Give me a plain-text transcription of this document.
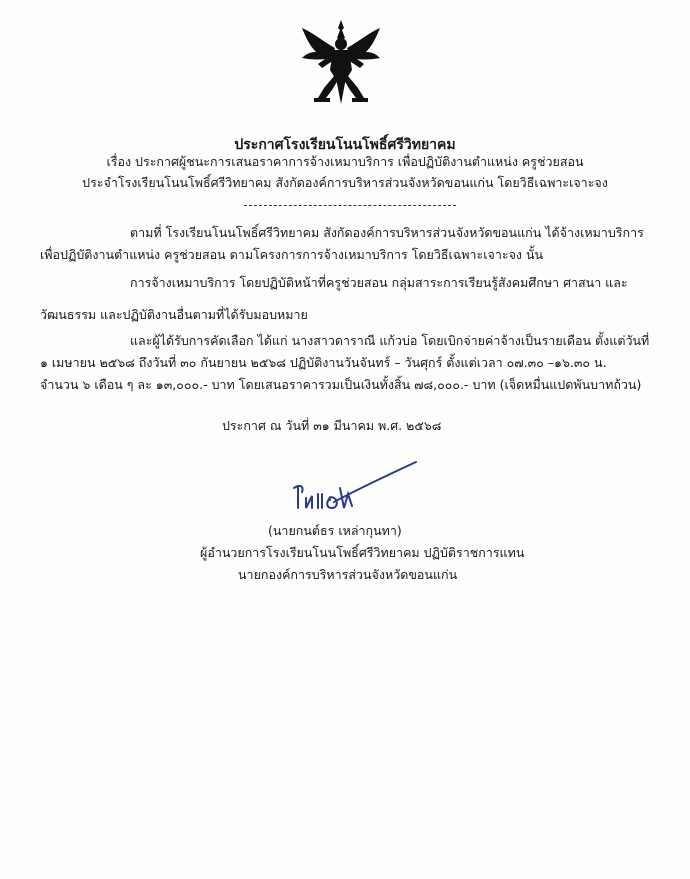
ประกาศโรงเรียนโนนโพธิ์ศรีวิทยาคม
เรื่อง ประกาศผู้ชนะการเสนอราคาการจ้างเหมาบริการ เพื่อปฏิบัติงานตำแหน่ง ครูช่วยสอน
ประจำโรงเรียนโนนโพธิ์ศรีวิทยาคม สังกัดองค์การบริหารส่วนจังหวัดขอนแก่น โดยวิธีเฉพาะเจาะจง
ตามที่ โรงเรียนโนนโพธิ์ศรีวิทยาคม สังกัดองค์การบริหารส่วนจังหวัดขอนแก่น ได้จ้างเหมาบริการ
เพื่อปฏิบัติงานตำแหน่ง ครูช่วยสอน ตามโครงการการจ้างเหมาบริการ โดยวิธีเฉพาะเจาะจง นั้น
การจ้างเหมาบริการ โดยปฏิบัติหน้าที่ครูช่วยสอน กลุ่มสาระการเรียนรู้สังคมศึกษา ศาสนา และ
วัฒนธรรม และปฏิบัติงานอื่นตามที่ได้รับมอบหมาย
และผู้ได้รับการคัดเลือก ได้แก่ นางสาวดาราณี แก้วบ่อ โดยเบิกจ่ายค่าจ้างเป็นรายเดือน ตั้งแต่วันที่
๑ เมษายน ๒๕๖๘ ถึงวันที่ ๓๐ กันยายน ๒๕๖๘ ปฏิบัติงานวันจันทร์ – วันศุกร์ ตั้งแต่เวลา ๐๗.๓๐ –๑๖.๓๐ น.
จำนวน ๖ เดือน ๆ ละ ๑๓,๐๐๐.- บาท โดยเสนอราคารวมเป็นเงินทั้งสิ้น ๗๘,๐๐๐.- บาท (เจ็ดหมื่นแปดพันบาทถ้วน)
ประกาศ ณ วันที่ ๓๑ มีนาคม พ.ศ. ๒๕๖๘
(นายกนต์ธร เหล่ากุนทา)
ผู้อำนวยการโรงเรียนโนนโพธิ์ศรีวิทยาคม ปฏิบัติราชการแทน
นายกองค์การบริหารส่วนจังหวัดขอนแก่น
